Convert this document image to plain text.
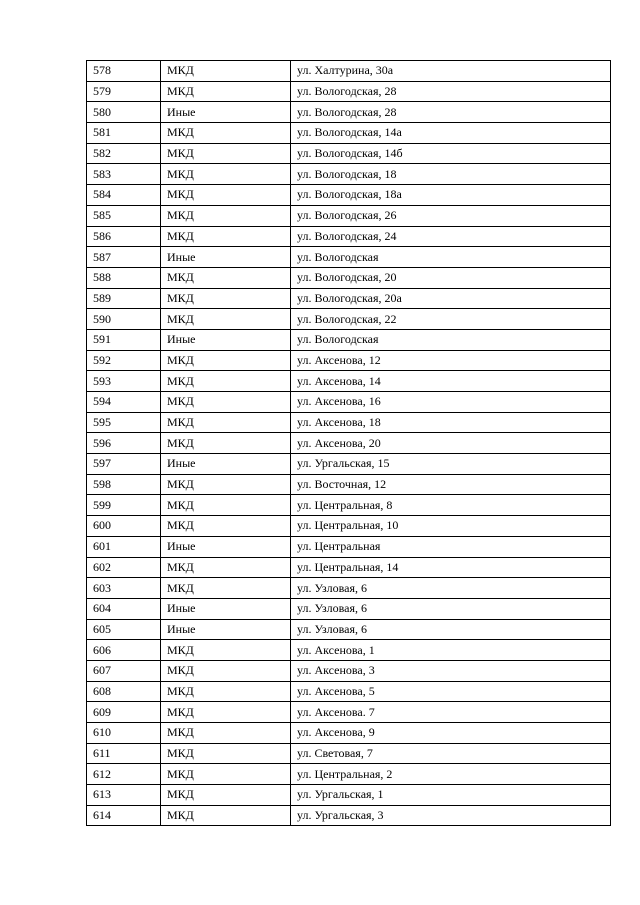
578	МКД	ул. Халтурина, 30а
579	МКД	ул. Вологодская, 28
580	Иные	ул. Вологодская, 28
581	МКД	ул. Вологодская, 14а
582	МКД	ул. Вологодская, 14б
583	МКД	ул. Вологодская, 18
584	МКД	ул. Вологодская, 18а
585	МКД	ул. Вологодская, 26
586	МКД	ул. Вологодская, 24
587	Иные	ул. Вологодская
588	МКД	ул. Вологодская, 20
589	МКД	ул. Вологодская, 20а
590	МКД	ул. Вологодская, 22
591	Иные	ул. Вологодская
592	МКД	ул. Аксенова, 12
593	МКД	ул. Аксенова, 14
594	МКД	ул. Аксенова, 16
595	МКД	ул. Аксенова, 18
596	МКД	ул. Аксенова, 20
597	Иные	ул. Ургальская, 15
598	МКД	ул. Восточная, 12
599	МКД	ул. Центральная, 8
600	МКД	ул. Центральная, 10
601	Иные	ул. Центральная
602	МКД	ул. Центральная, 14
603	МКД	ул. Узловая, 6
604	Иные	ул. Узловая, 6
605	Иные	ул. Узловая, 6
606	МКД	ул. Аксенова, 1
607	МКД	ул. Аксенова, 3
608	МКД	ул. Аксенова, 5
609	МКД	ул. Аксенова. 7
610	МКД	ул. Аксенова, 9
611	МКД	ул. Световая, 7
612	МКД	ул. Центральная, 2
613	МКД	ул. Ургальская, 1
614	МКД	ул. Ургальская, 3
